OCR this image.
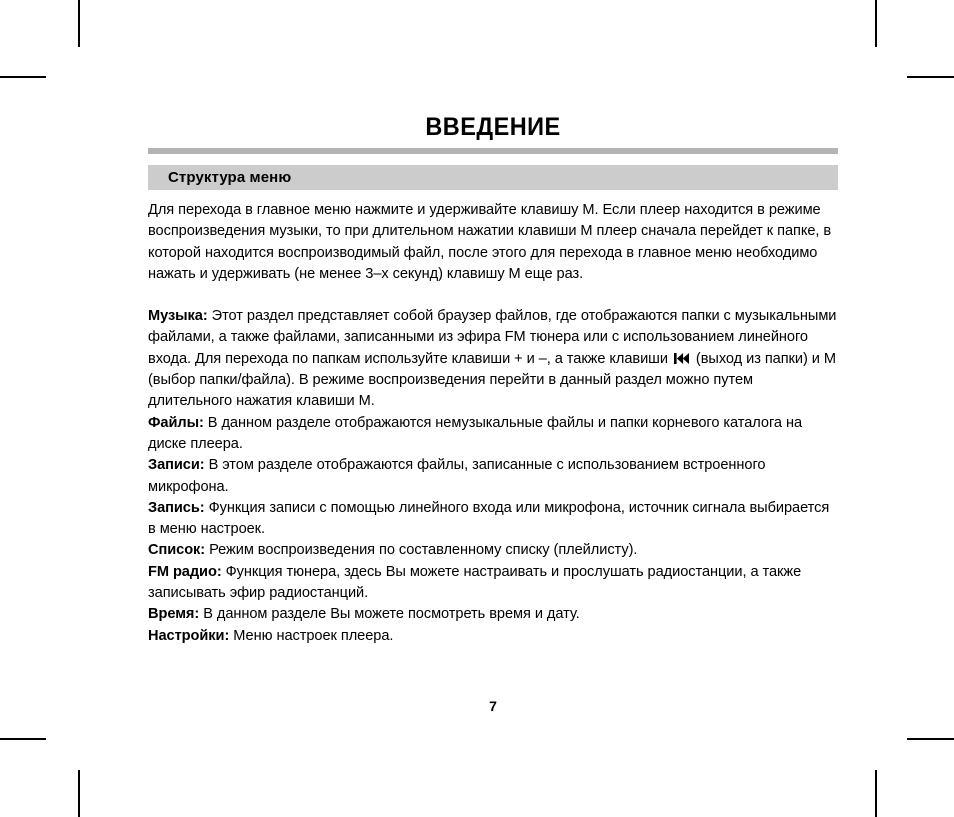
ВВЕДЕНИЕ
Структура меню

Для перехода в главное меню нажмите и удерживайте клавишу М. Если плеер находится в режиме воспроизведения музыки, то при длительном нажатии клавиши М плеер сначала перейдет к папке, в которой находится воспроизводимый файл, после этого для перехода в главное меню необходимо нажать и удерживать (не менее 3–х секунд) клавишу М еще раз.

Музыка: Этот раздел представляет собой браузер файлов, где отображаются папки с музыкальными файлами, а также файлами, записанными из эфира FM тюнера или с использованием линейного входа. Для перехода по папкам используйте клавиши + и –, а также клавиши
(выход из папки) и М (выбор папки/файла). В режиме воспроизведения перейти в данный раздел можно путем длительного нажатия клавиши М.

Файлы: В данном разделе отображаются немузыкальные файлы и папки корневого каталога на диске плеера.

Записи: В этом разделе отображаются файлы, записанные с использованием встроенного микрофона.

Запись: Функция записи с помощью линейного входа или микрофона, источник сигнала выбирается в меню настроек.

Список: Режим воспроизведения по составленному списку (плейлисту).

FM радио: Функция тюнера, здесь Вы можете настраивать и прослушать радиостанции, а также записывать эфир радиостанций.

Время: В данном разделе Вы можете посмотреть время и дату.

Настройки: Меню настроек плеера.

7
